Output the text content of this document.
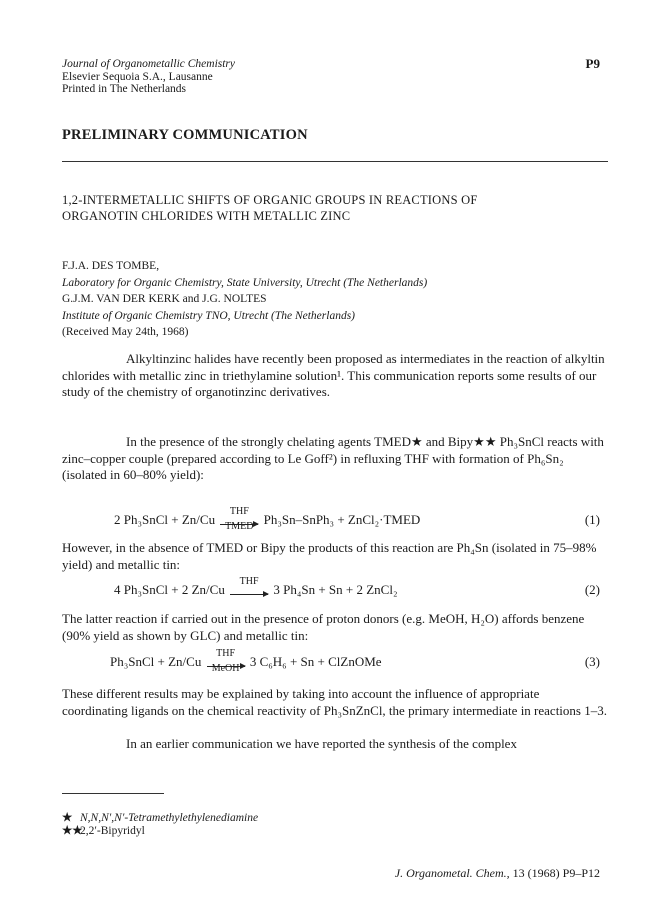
Journal of Organometallic Chemistry
Elsevier Sequoia S.A., Lausanne
Printed in The Netherlands
P9
PRELIMINARY COMMUNICATION
1,2-INTERMETALLIC SHIFTS OF ORGANIC GROUPS IN REACTIONS OF
ORGANOTIN CHLORIDES WITH METALLIC ZINC
F.J.A. DES TOMBE,
Laboratory for Organic Chemistry, State University, Utrecht (The Netherlands)
G.J.M. VAN DER KERK and J.G. NOLTES
Institute of Organic Chemistry TNO, Utrecht (The Netherlands)
(Received May 24th, 1968)
Alkyltinzinc halides have recently been proposed as intermediates in the reaction of alkyltin chlorides with metallic zinc in triethylamine solution¹. This communication reports some results of our study of the chemistry of organotinzinc derivatives.
In the presence of the strongly chelating agents TMED★ and Bipy★★ Ph₃SnCl reacts with zinc–copper couple (prepared according to Le Goff²) in refluxing THF with formation of Ph₆Sn₂ (isolated in 60–80% yield):
2 Ph₃SnCl + Zn/Cu
THF
TMED Ph₃Sn–SnPh₃ + ZnCl₂·TMED	(1)
However, in the absence of TMED or Bipy the products of this reaction are Ph₄Sn (isolated in 75–98% yield) and metallic tin:
4 Ph₃SnCl + 2 Zn/Cu
THF
3 Ph₄Sn + Sn + 2 ZnCl₂	(2)
The latter reaction if carried out in the presence of proton donors (e.g. MeOH, H₂O) affords benzene (90% yield as shown by GLC) and metallic tin:
Ph₃SnCl + Zn/Cu
THF
MeOH 3 C₆H₆ + Sn + ClZnOMe	(3)
These different results may be explained by taking into account the influence of appropriate coordinating ligands on the chemical reactivity of Ph₃SnZnCl, the primary intermediate in reactions 1–3.
In an earlier communication we have reported the synthesis of the complex
★ N,N,N′,N′-Tetramethylethylenediamine
★★2,2′-Bipyridyl
J. Organometal. Chem., 13 (1968) P9–P12
